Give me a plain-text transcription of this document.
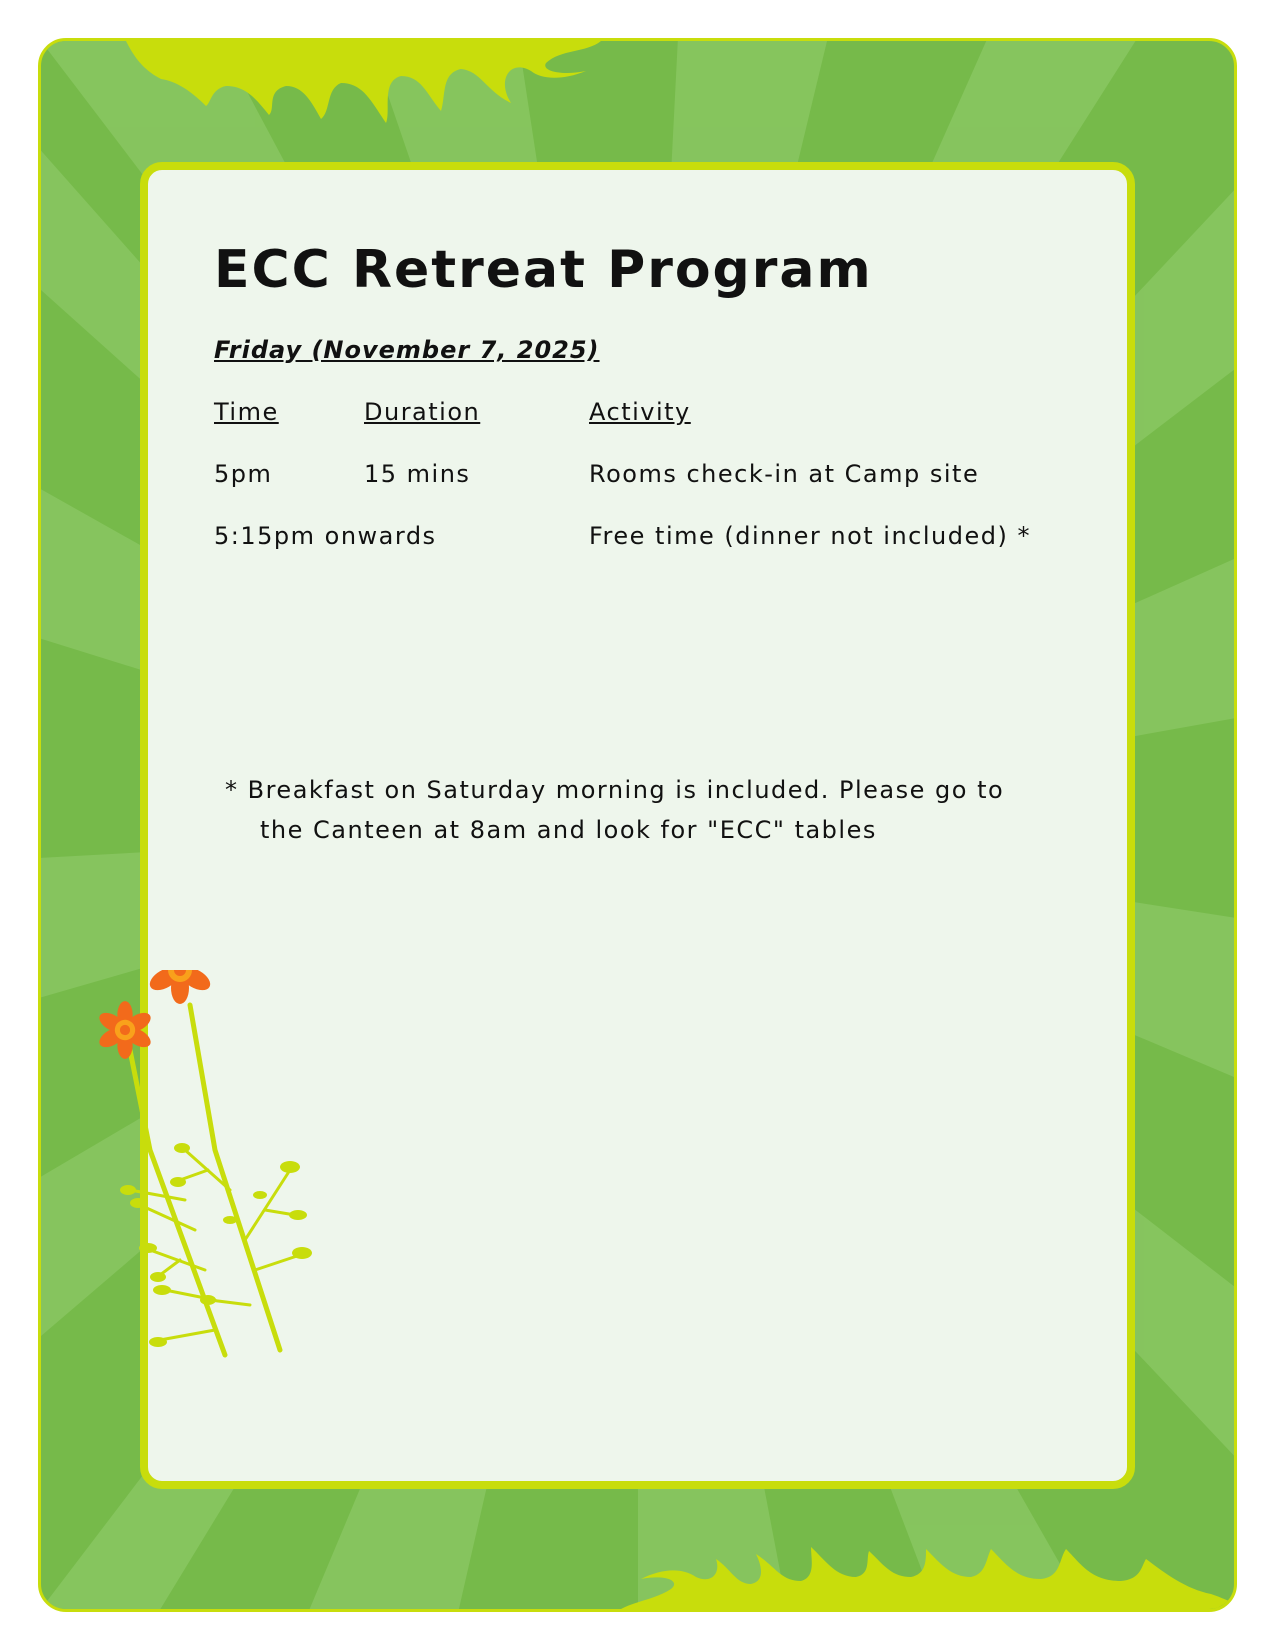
ECC Retreat Program
Friday (November 7, 2025)
Time	Duration	Activity
5pm	15 mins	Rooms check-in at Camp site
5:15pm onwards	Free time (dinner not included) *
* Breakfast on Saturday morning is included. Please go to
the Canteen at 8am and look for "ECC" tables
